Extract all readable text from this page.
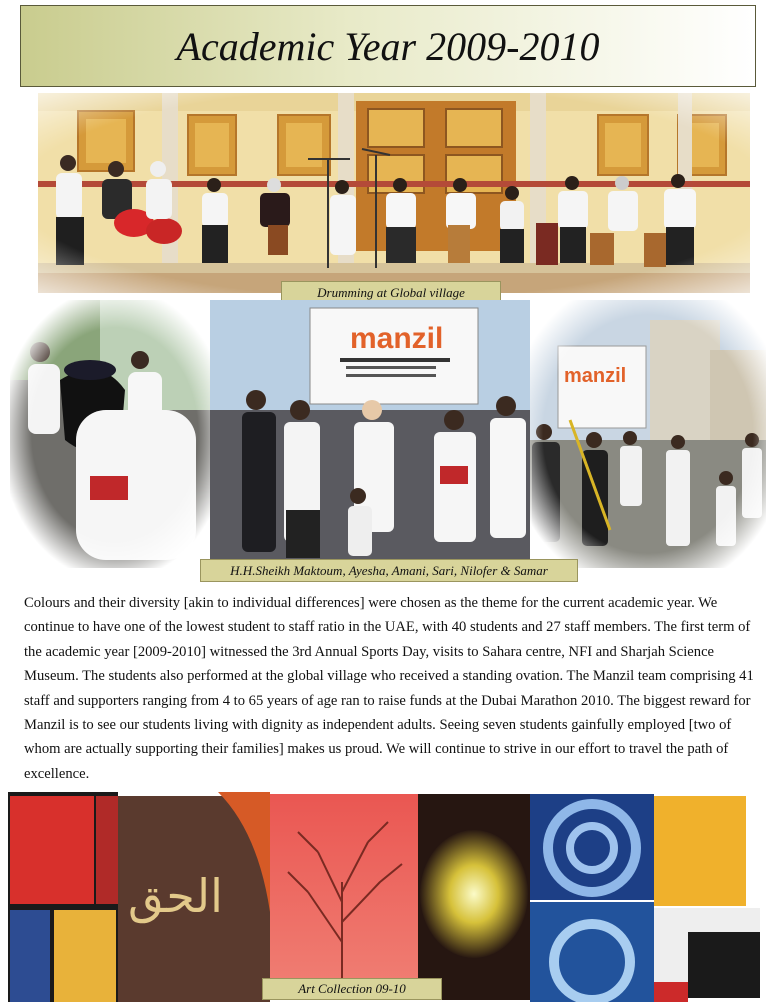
Academic Year 2009-2010
Drumming at Global village
manzil
H.H.Sheikh Maktoum, Ayesha, Amani, Sari, Nilofer & Samar
Colours and their diversity [akin to individual differences] were chosen as the theme for the current academic year. We continue to have one of the lowest student to staff ratio in the UAE, with 40 students and 27 staff members. The first term of the academic year [2009-2010] witnessed the 3rd Annual Sports Day, visits to Sahara centre, NFI and Sharjah Science Museum. The students also performed at the global village who received a standing ovation. The Manzil team comprising 41 staff and supporters ranging from 4 to 65 years of age ran to raise funds at the Dubai Marathon 2010. The biggest reward for Manzil is to see our students living with dignity as independent adults. Seeing seven students gainfully employed [two of whom are actually supporting their families] makes us proud. We will continue to strive in our effort to travel the path of excellence.
الحق
Art Collection 09-10
